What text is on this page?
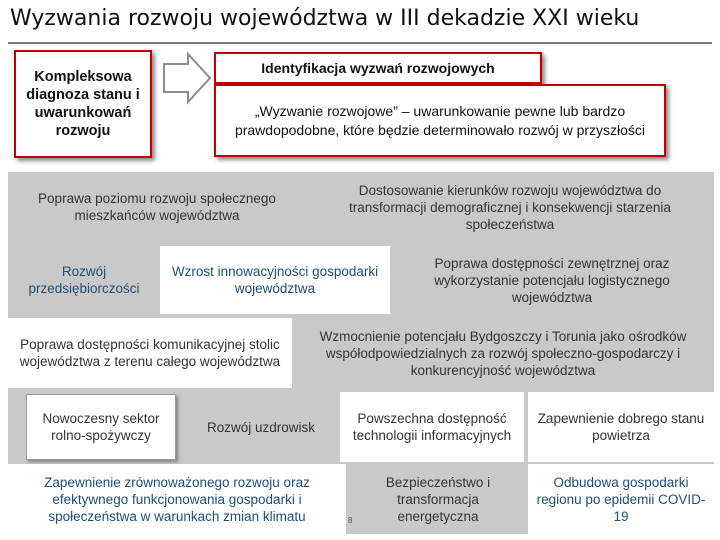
Wyzwania rozwoju województwa w III dekadzie XXI wieku
Kompleksowa diagnoza stanu i uwarunkowań rozwoju
Identyfikacja wyzwań rozwojowych
„Wyzwanie rozwojowe” – uwarunkowanie pewne lub bardzo prawdopodobne, które będzie determinowało rozwój w przyszłości
Poprawa poziomu rozwoju społecznego mieszkańców województwa
Dostosowanie kierunków rozwoju województwa do transformacji demograficznej i konsekwencji starzenia społeczeństwa
Rozwój przedsiębiorczości
Wzrost innowacyjności gospodarki województwa
Poprawa dostępności zewnętrznej oraz wykorzystanie potencjału logistycznego województwa
Poprawa dostępności komunikacyjnej stolic województwa z terenu całego województwa
Wzmocnienie potencjału Bydgoszczy i Torunia jako ośrodków współodpowiedzialnych za rozwój społeczno-gospodarczy i konkurencyjność województwa
Nowoczesny sektor rolno-spożywczy
Rozwój uzdrowisk
Powszechna dostępność technologii informacyjnych
Zapewnienie dobrego stanu powietrza
Zapewnienie zrównoważonego rozwoju oraz efektywnego funkcjonowania gospodarki i społeczeństwa w warunkach zmian klimatu
Bezpieczeństwo i transformacja energetyczna
Odbudowa gospodarki regionu po epidemii COVID-19
8
